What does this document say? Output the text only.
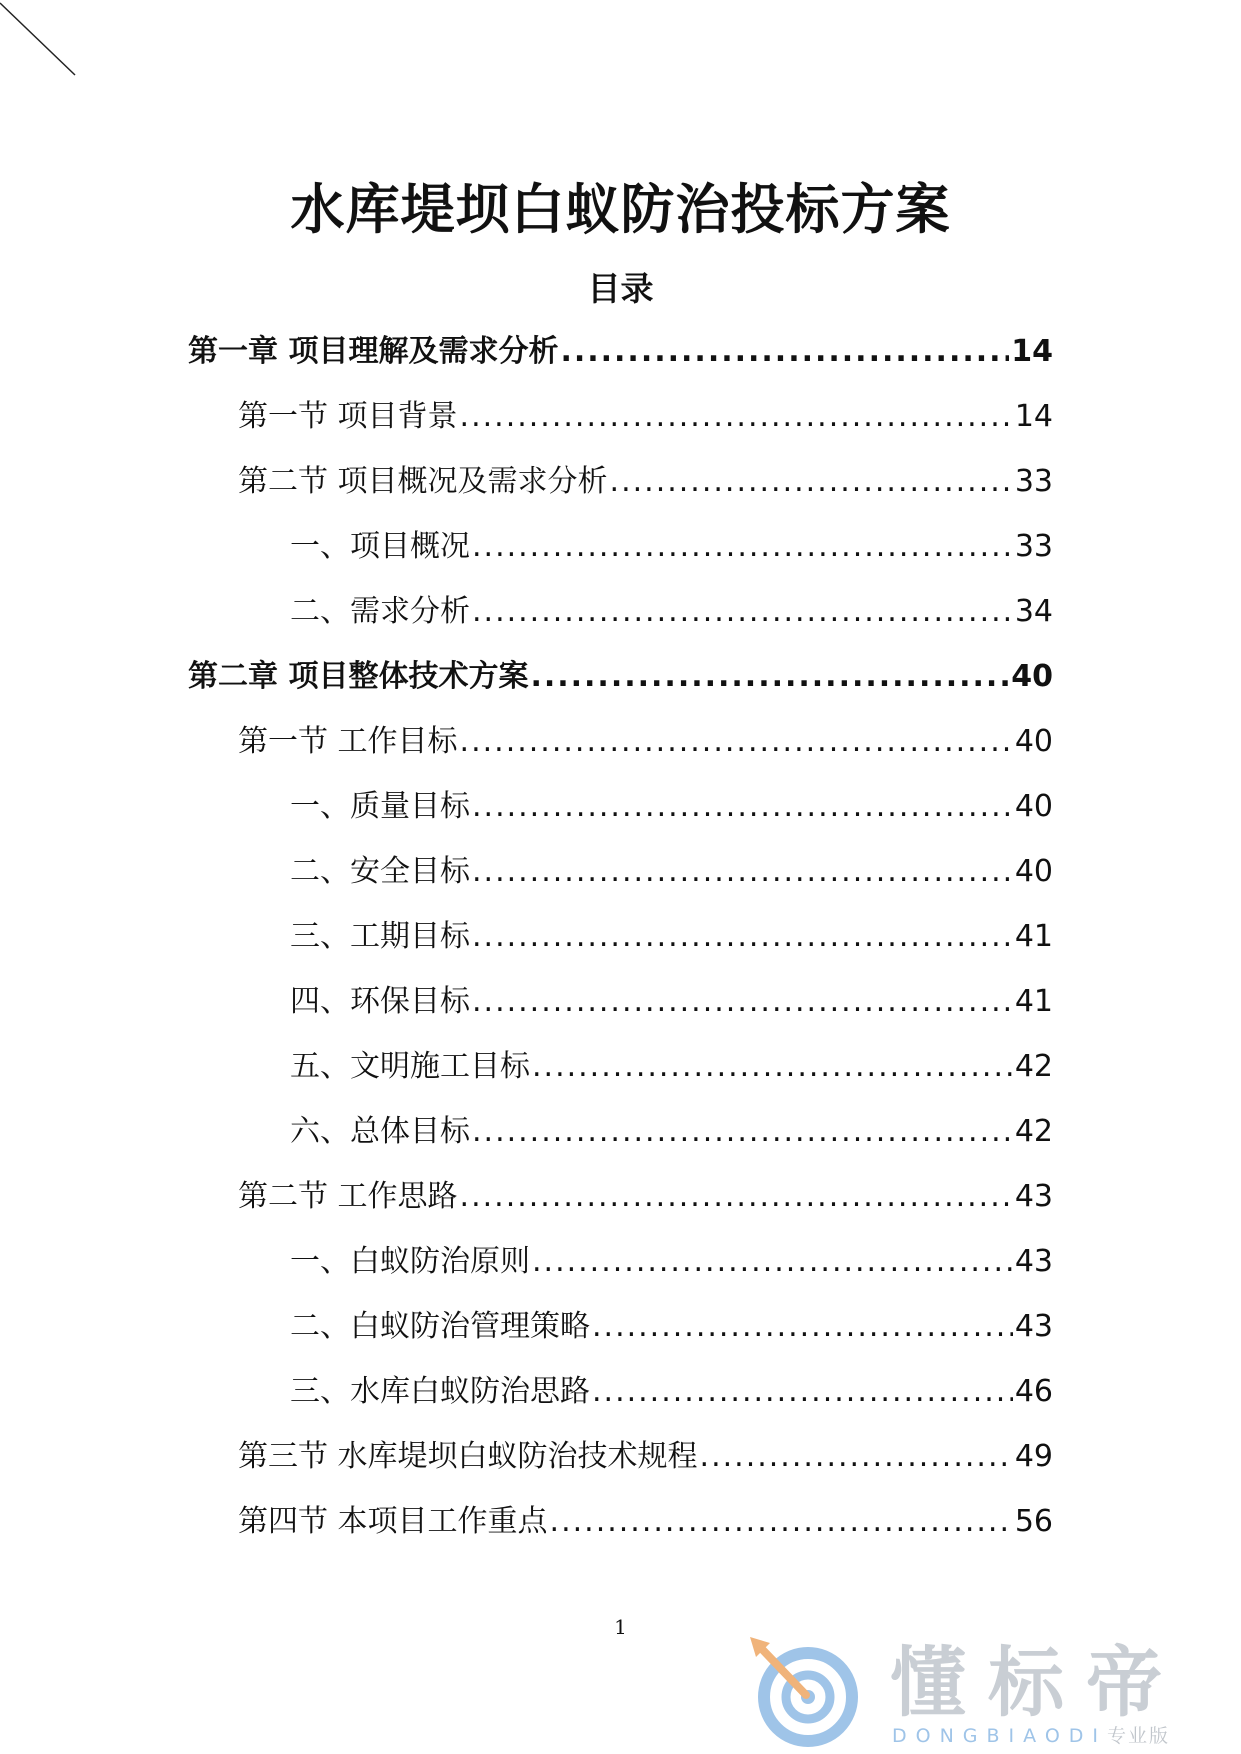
水库堤坝白蚁防治投标方案
目录
第一章 项目理解及需求分析 .....	14
第一节 项目背景 .....	14
第二节 项目概况及需求分析 .....	33
一、项目概况 .....	33
二、需求分析 .....	34
第二章 项目整体技术方案 .....	40
第一节 工作目标 .....	40
一、质量目标 .....	40
二、安全目标 .....	40
三、工期目标 .....	41
四、环保目标 .....	41
五、文明施工目标 .....	42
六、总体目标 .....	42
第二节 工作思路 .....	43
一、白蚁防治原则 .....	43
二、白蚁防治管理策略 .....	43
三、水库白蚁防治思路 .....	46
第三节 水库堤坝白蚁防治技术规程 .....	49
第四节 本项目工作重点 .....	56
1
懂标帝
DONGBIAODI专业版
